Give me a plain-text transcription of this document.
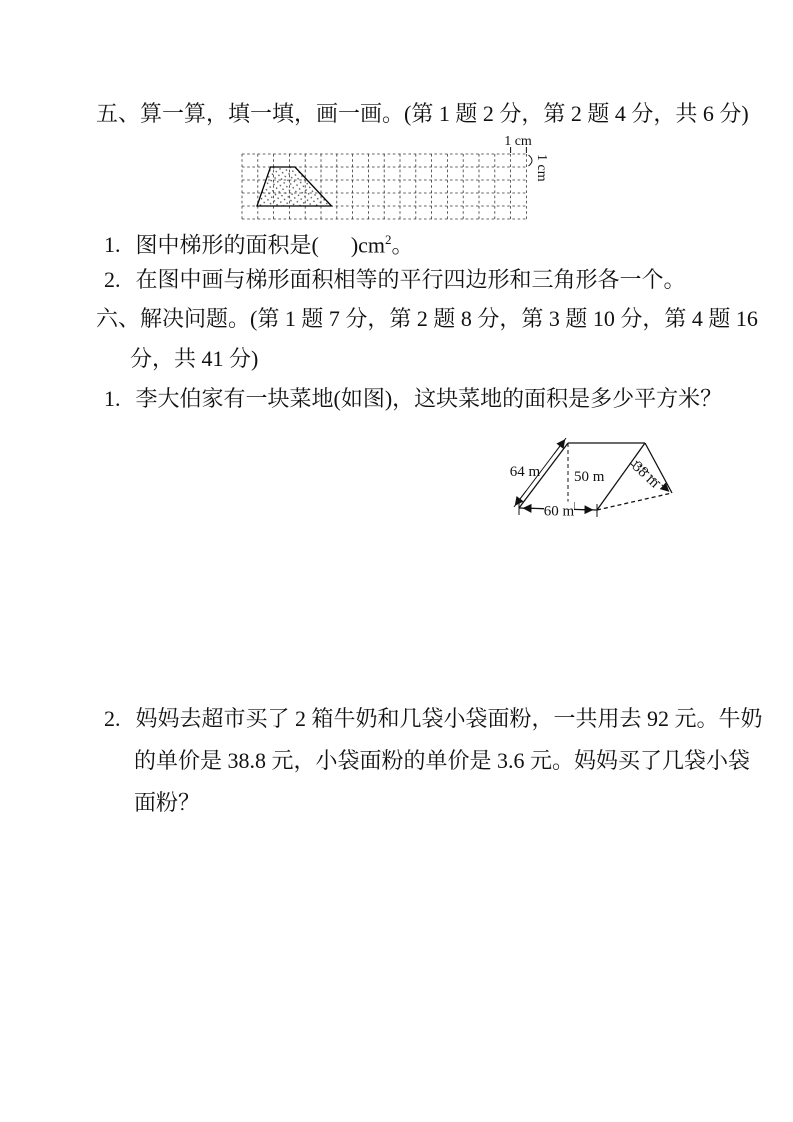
五、算一算，填一填，画一画。(第 1 题 2 分，第 2 题 4 分，共 6 分)
1 cm
1 cm
1. 图中梯形的面积是( )$cm^2$。
2. 在图中画与梯形面积相等的平行四边形和三角形各一个。
六、解决问题。(第 1 题 7 分，第 2 题 8 分，第 3 题 10 分，第 4 题 16
分，共 41 分)
1. 李大伯家有一块菜地(如图)，这块菜地的面积是多少平方米？
50 m
64 m
60 m
38 m
2. 妈妈去超市买了 2 箱牛奶和几袋小袋面粉，一共用去 92 元。牛奶
的单价是 38.8 元，小袋面粉的单价是 3.6 元。妈妈买了几袋小袋
面粉？
